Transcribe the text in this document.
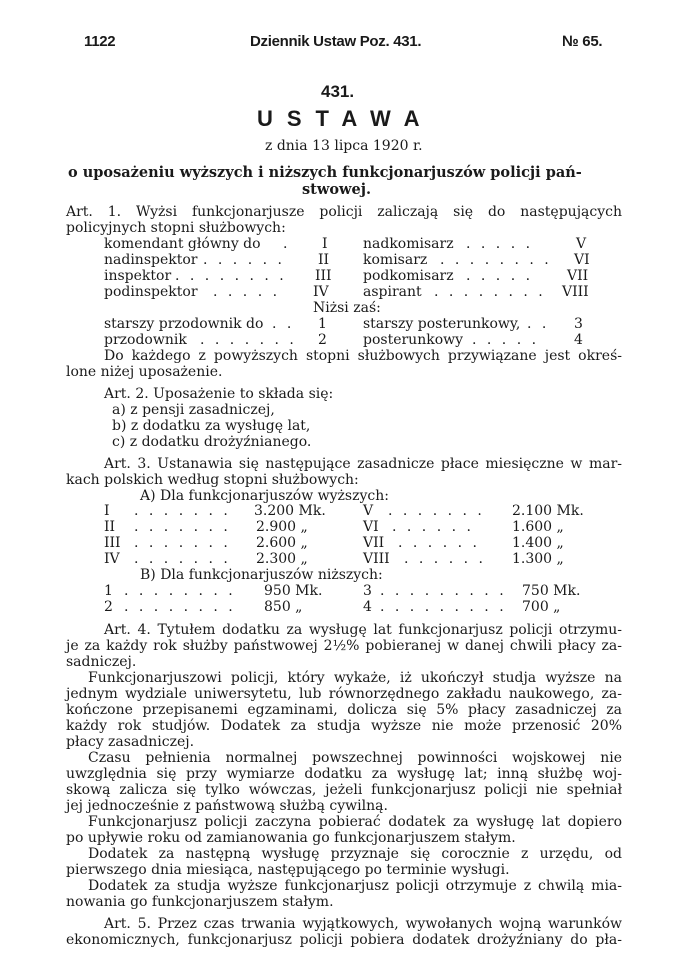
1122	Dziennik Ustaw Poz. 431.	№ 65.
431.
USTAWA
z dnia 13 lipca 1920 r.
o uposażeniu wyższych i niższych funkcjonarjuszów policji pań-
stwowej.
Art. 1. Wyżsi funkcjonarjusze policji zaliczają się do następujących
policyjnych stopni służbowych:
komendant główny do . I	nadkomisarz . . . . .	V
nadinspektor . . . . . . II komisarz . . . . . . . . VI
inspektor . . . . . . . . III podkomisarz . . . . . VII
podinspektor . . . . . IV aspirant . . . . . . . . VIII
Niżsi zaś:
starszy przodownik do . . 1	starszy posterunkowy, . . 3
przodownik . . . . . . . 2	posterunkowy . . . . . 4
Do każdego z powyższych stopni służbowych przywiązane jest okreś-
lone niżej uposażenie.
Art. 2. Uposażenie to składa się:
a) z pensji zasadniczej,
b) z dodatku za wysługę lat,
c) z dodatku drożyźnianego.
Art. 3. Ustanawia się następujące zasadnicze płace miesięczne w mar-
kach polskich według stopni służbowych:
A) Dla funkcjonarjuszów wyższych:
I . . . . . . . 3.200 Mk.	V . . . . . . . 2.100 Mk.
II . . . . . . . 2.900 „	VI . . . . . .	1.600 „
III . . . . . . . 2.600 „	VII . . . . . . 1.400 „
IV . . . . . . . 2.300 „	VIII . . . . . . 1.300 „
B) Dla funkcjonarjuszów niższych:
1 . . . . . . . . 950 Mk.	3 . . . . . . . . . 750 Mk.
2 . . . . . . . . 850 „	4 . . . . . . . . . 700 „
Art. 4. Tytułem dodatku za wysługę lat funkcjonarjusz policji otrzymu-
je za każdy rok służby państwowej 2½% pobieranej w danej chwili płacy za-
sadniczej.
Funkcjonarjuszowi policji, który wykaże, iż ukończył studja wyższe na
jednym wydziale uniwersytetu, lub równorzędnego zakładu naukowego, za-
kończone przepisanemi egzaminami, dolicza się 5% płacy zasadniczej za
każdy rok studjów. Dodatek za studja wyższe nie może przenosić 20%
płacy zasadniczej.
Czasu pełnienia normalnej powszechnej powinności wojskowej nie
uwzględnia się przy wymiarze dodatku za wysługę lat; inną służbę woj-
skową zalicza się tylko wówczas, jeżeli funkcjonarjusz policji nie spełniał
jej jednocześnie z państwową służbą cywilną.
Funkcjonarjusz policji zaczyna pobierać dodatek za wysługę lat dopiero
po upływie roku od zamianowania go funkcjonarjuszem stałym.
Dodatek za następną wysługę przyznaje się corocznie z urzędu, od
pierwszego dnia miesiąca, następującego po terminie wysługi.
Dodatek za studja wyższe funkcjonarjusz policji otrzymuje z chwilą mia-
nowania go funkcjonarjuszem stałym.
Art. 5. Przez czas trwania wyjątkowych, wywołanych wojną warunków
ekonomicznych, funkcjonarjusz policji pobiera dodatek drożyźniany do pła-
